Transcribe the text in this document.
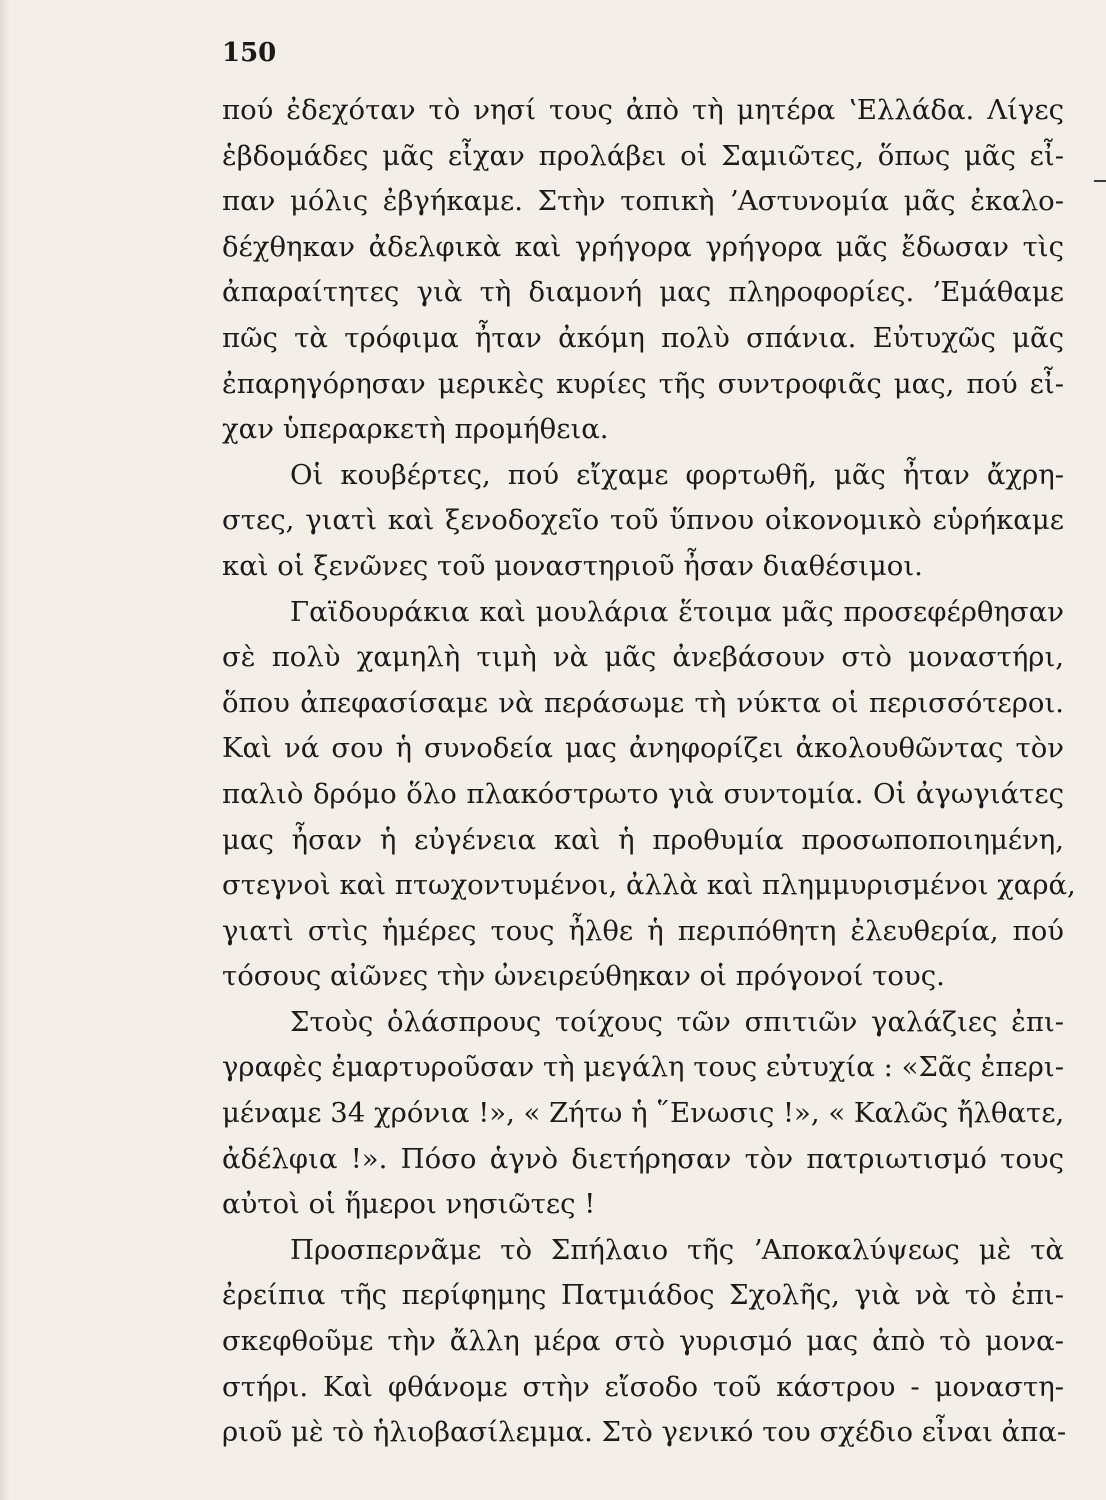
150
πού ἐδεχόταν τὸ νησί τους ἀπὸ τὴ μητέρα ʽΕλλάδα. Λίγες
ἑβδομάδες μᾶς εἶχαν προλάβει οἱ Σαμιῶτες, ὅπως μᾶς εἶ-
παν μόλις ἐβγήκαμε. Στὴν τοπικὴ ʼΑστυνομία μᾶς ἐκαλο-
δέχθηκαν ἀδελφικὰ καὶ γρήγορα γρήγορα μᾶς ἔδωσαν τὶς
ἀπαραίτητες γιὰ τὴ διαμονή μας πληροφορίες. ʼΕμάθαμε
πῶς τὰ τρόφιμα ἦταν ἀκόμη πολὺ σπάνια. Εὐτυχῶς μᾶς
ἐπαρηγόρησαν μερικὲς κυρίες τῆς συντροφιᾶς μας, πού εἶ-
χαν ὑπεραρκετὴ προμήθεια.
Οἱ κουβέρτες, πού εἴχαμε φορτωθῆ, μᾶς ἦταν ἄχρη-
στες, γιατὶ καὶ ξενοδοχεῖο τοῦ ὕπνου οἰκονομικὸ εὑρήκαμε
καὶ οἱ ξενῶνες τοῦ μοναστηριοῦ ἦσαν διαθέσιμοι.
Γαϊδουράκια καὶ μουλάρια ἕτοιμα μᾶς προσεφέρθησαν
σὲ πολὺ χαμηλὴ τιμὴ νὰ μᾶς ἀνεβάσουν στὸ μοναστήρι,
ὅπου ἀπεφασίσαμε νὰ περάσωμε τὴ νύκτα οἱ περισσότεροι.
Καὶ νά σου ἡ συνοδεία μας ἀνηφορίζει ἀκολουθῶντας τὸν
παλιὸ δρόμο ὅλο πλακόστρωτο γιὰ συντομία. Οἱ ἀγωγιάτες
μας ἦσαν ἡ εὐγένεια καὶ ἡ προθυμία προσωποποιημένη,
στεγνοὶ καὶ πτωχοντυμένοι, ἀλλὰ καὶ πλημμυρισμένοι χαρά,
γιατὶ στὶς ἡμέρες τους ἦλθε ἡ περιπόθητη ἐλευθερία, πού
τόσους αἰῶνες τὴν ὠνειρεύθηκαν οἱ πρόγονοί τους.
Στοὺς ὁλάσπρους τοίχους τῶν σπιτιῶν γαλάζιες ἐπι-
γραφὲς ἐμαρτυροῦσαν τὴ μεγάλη τους εὐτυχία : «Σᾶς ἐπερι-
μέναμε 34 χρόνια !», « Ζήτω ἡ ῞Ενωσις !», « Καλῶς ἤλθατε,
ἀδέλφια !». Πόσο ἁγνὸ διετήρησαν τὸν πατριωτισμό τους
αὐτοὶ οἱ ἥμεροι νησιῶτες !
Προσπερνᾶμε τὸ Σπήλαιο τῆς ʼΑποκαλύψεως μὲ τὰ
ἐρείπια τῆς περίφημης Πατμιάδος Σχολῆς, γιὰ νὰ τὸ ἐπι-
σκεφθοῦμε τὴν ἄλλη μέρα στὸ γυρισμό μας ἀπὸ τὸ μονα-
στήρι. Καὶ φθάνομε στὴν εἴσοδο τοῦ κάστρου - μοναστη-
ριοῦ μὲ τὸ ἡλιοβασίλεμμα. Στὸ γενικό του σχέδιο εἶναι ἀπα-
